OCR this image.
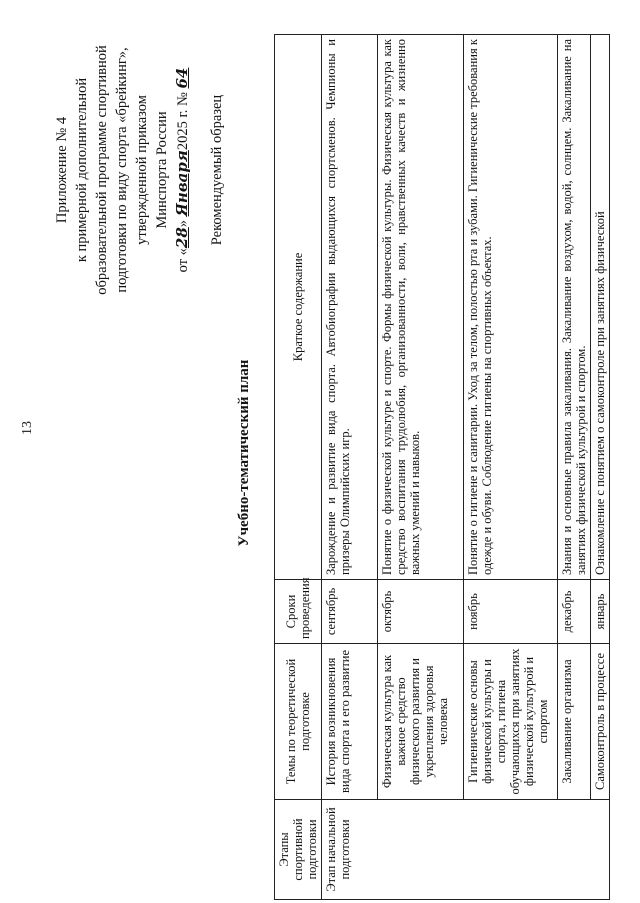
13
Приложение № 4 к примерной дополнительной образовательной программе спортивной подготовки по виду спорта «брейкинг», утвержденной приказом Минспорта России
от «28» Января2025 г. № 64
Рекомендуемый образец
Учебно-тематический план
Этапы спортивной подготовки	Темы по теоретической подготовке	Сроки проведения	Краткое содержание
Этап начальной подготовки	История возникновения вида спорта и его развитие	сентябрь	Зарождение и развитие вида спорта. Автобиографии выдающихся спортсменов. Чемпионы и призеры Олимпийских игр.
	Физическая культура как важное средство физического развития и укрепления здоровья человека	октябрь	Понятие о физической культуре и спорте. Формы физической культуры. Физическая культура как средство воспитания трудолюбия, организованности, воли, нравственных качеств и жизненно важных умений и навыков.
	Гигиенические основы физической культуры и спорта, гигиена обучающихся при занятиях физической культурой и спортом	ноябрь	Понятие о гигиене и санитарии. Уход за телом, полостью рта и зубами. Гигиенические требования к одежде и обуви. Соблюдение гигиены на спортивных объектах.
	Закаливание организма	декабрь	Знания и основные правила закаливания. Закаливание воздухом, водой, солнцем. Закаливание на занятиях физической культурой и спортом.
	Самоконтроль в процессе	январь	Ознакомление с понятием о самоконтроле при занятиях физической
